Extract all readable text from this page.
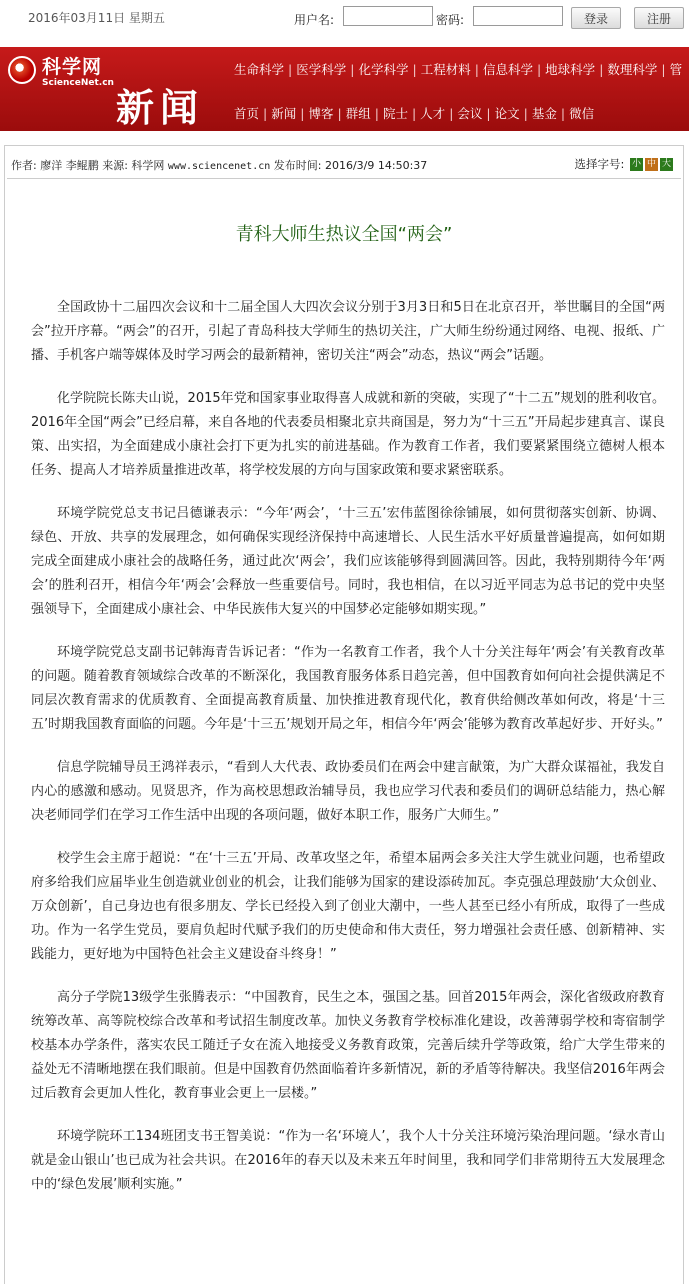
2016年03月11日 星期五	用户名:	密码:	登录	注册
科学网
ScienceNet.cn
新闻
生命科学 | 医学科学 | 化学科学 | 工程材料 | 信息科学 | 地球科学 | 数理科学 | 管
首页 | 新闻 | 博客 | 群组 | 院士 | 人才 | 会议 | 论文 | 基金 | 微信
作者: 廖洋 李鲲鹏 来源: 科学网 www.sciencenet.cn 发布时间: 2016/3/9 14:50:37	选择字号: 小 中 大
青科大师生热议全国“两会”

全国政协十二届四次会议和十二届全国人大四次会议分别于3月3日和5日在北京召开，举世瞩目的全国“两会”拉开序幕。“两会”的召开，引起了青岛科技大学师生的热切关注，广大师生纷纷通过网络、电视、报纸、广播、手机客户端等媒体及时学习两会的最新精神，密切关注“两会”动态，热议“两会”话题。

化学院院长陈夫山说，2015年党和国家事业取得喜人成就和新的突破，实现了“十二五”规划的胜利收官。2016年全国“两会”已经启幕，来自各地的代表委员相聚北京共商国是，努力为“十三五”开局起步建真言、谋良策、出实招，为全面建成小康社会打下更为扎实的前进基础。作为教育工作者，我们要紧紧围绕立德树人根本任务、提高人才培养质量推进改革，将学校发展的方向与国家政策和要求紧密联系。

环境学院党总支书记吕德谦表示：“今年‘两会’，‘十三五’宏伟蓝图徐徐铺展，如何贯彻落实创新、协调、绿色、开放、共享的发展理念，如何确保实现经济保持中高速增长、人民生活水平好质量普遍提高，如何如期完成全面建成小康社会的战略任务，通过此次‘两会’，我们应该能够得到圆满回答。因此，我特别期待今年‘两会’的胜利召开，相信今年‘两会’会释放一些重要信号。同时，我也相信，在以习近平同志为总书记的党中央坚强领导下，全面建成小康社会、中华民族伟大复兴的中国梦必定能够如期实现。”

环境学院党总支副书记韩海青告诉记者：“作为一名教育工作者，我个人十分关注每年‘两会’有关教育改革的问题。随着教育领域综合改革的不断深化，我国教育服务体系日趋完善，但中国教育如何向社会提供满足不同层次教育需求的优质教育、全面提高教育质量、加快推进教育现代化，教育供给侧改革如何改，将是‘十三五’时期我国教育面临的问题。今年是‘十三五’规划开局之年，相信今年‘两会’能够为教育改革起好步、开好头。”

信息学院辅导员王鸿祥表示，“看到人大代表、政协委员们在两会中建言献策，为广大群众谋福祉，我发自内心的感激和感动。见贤思齐，作为高校思想政治辅导员，我也应学习代表和委员们的调研总结能力，热心解决老师同学们在学习工作生活中出现的各项问题，做好本职工作，服务广大师生。”

校学生会主席于超说：“在‘十三五’开局、改革攻坚之年，希望本届两会多关注大学生就业问题，也希望政府多给我们应届毕业生创造就业创业的机会，让我们能够为国家的建设添砖加瓦。李克强总理鼓励‘大众创业、万众创新’，自己身边也有很多朋友、学长已经投入到了创业大潮中，一些人甚至已经小有所成，取得了一些成功。作为一名学生党员，要肩负起时代赋予我们的历史使命和伟大责任，努力增强社会责任感、创新精神、实践能力，更好地为中国特色社会主义建设奋斗终身！”

高分子学院13级学生张腾表示：“中国教育，民生之本，强国之基。回首2015年两会，深化省级政府教育统筹改革、高等院校综合改革和考试招生制度改革。加快义务教育学校标准化建设，改善薄弱学校和寄宿制学校基本办学条件，落实农民工随迁子女在流入地接受义务教育政策，完善后续升学等政策，给广大学生带来的益处无不清晰地摆在我们眼前。但是中国教育仍然面临着许多新情况，新的矛盾等待解决。我坚信2016年两会过后教育会更加人性化，教育事业会更上一层楼。”

环境学院环工134班团支书王智美说：“作为一名‘环境人’，我个人十分关注环境污染治理问题。‘绿水青山就是金山银山’也已成为社会共识。在2016年的春天以及未来五年时间里，我和同学们非常期待五大发展理念中的‘绿色发展’顺利实施。”
